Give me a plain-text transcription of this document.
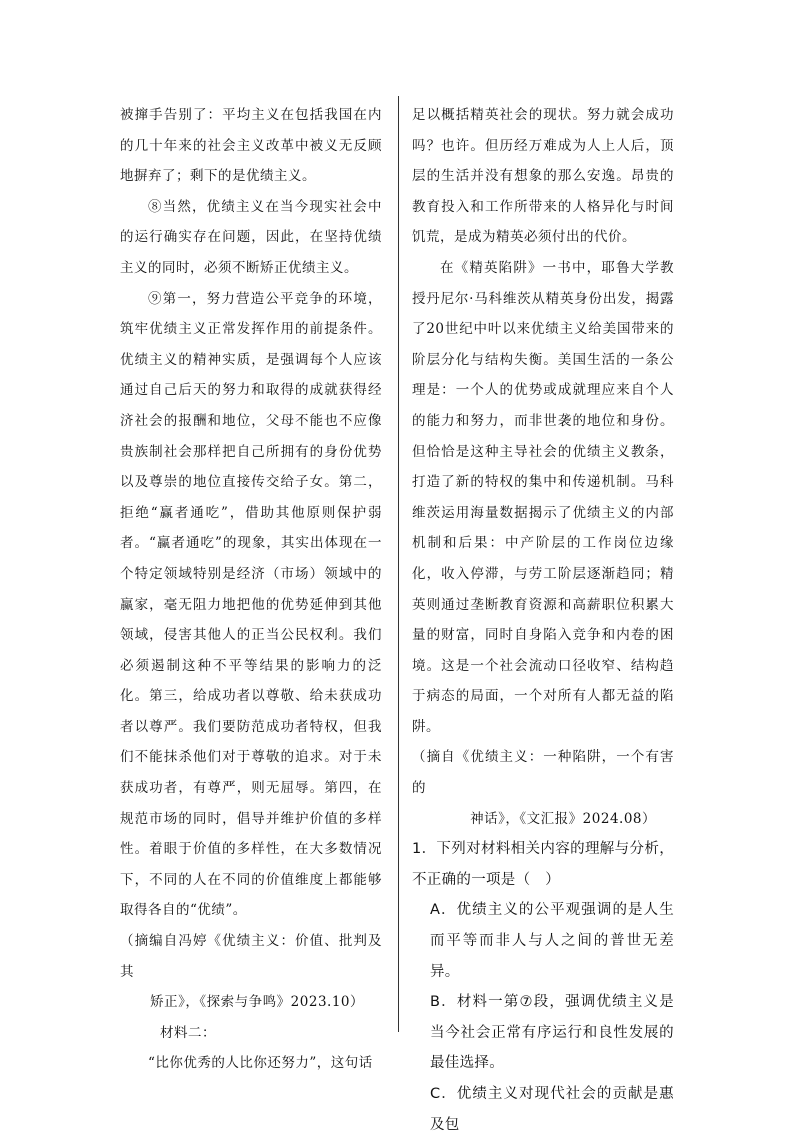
被撺手告别了：平均主义在包括我国在内的几十年来的社会主义改革中被义无反顾地摒弃了；剩下的是优绩主义。

⑧当然，优绩主义在当今现实社会中的运行确实存在问题，因此，在坚持优绩主义的同时，必须不断矫正优绩主义。

⑨第一，努力营造公平竞争的环境，筑牢优绩主义正常发挥作用的前提条件。优绩主义的精神实质，是强调每个人应该通过自己后天的努力和取得的成就获得经济社会的报酬和地位，父母不能也不应像贵族制社会那样把自己所拥有的身份优势以及尊崇的地位直接传交给子女。第二，拒绝“赢者通吃”，借助其他原则保护弱者。“赢者通吃”的现象，其实出体现在一个特定领域特别是经济（市场）领域中的赢家，毫无阻力地把他的优势延伸到其他领域，侵害其他人的正当公民权利。我们必须遏制这种不平等结果的影响力的泛化。第三，给成功者以尊敬、给未获成功者以尊严。我们要防范成功者特权，但我们不能抹杀他们对于尊敬的追求。对于未获成功者，有尊严，则无屈辱。第四，在规范市场的同时，倡导并维护价值的多样性。着眼于价值的多样性，在大多数情况下，不同的人在不同的价值维度上都能够取得各自的“优绩”。

（摘编自冯婷《优绩主义：价值、批判及其
矫正》，《探索与争鸣》2023.10）

材料二：

“比你优秀的人比你还努力”，这句话

足以概括精英社会的现状。努力就会成功吗？也许。但历经万难成为人上人后，顶层的生活并没有想象的那么安逸。昂贵的教育投入和工作所带来的人格异化与时间饥荒，是成为精英必须付出的代价。

在《精英陷阱》一书中，耶鲁大学教授丹尼尔·马科维茨从精英身份出发，揭露了20世纪中叶以来优绩主义给美国带来的阶层分化与结构失衡。美国生活的一条公理是：一个人的优势或成就理应来自个人的能力和努力，而非世袭的地位和身份。但恰恰是这种主导社会的优绩主义教条，打造了新的特权的集中和传递机制。马科维茨运用海量数据揭示了优绩主义的内部机制和后果：中产阶层的工作岗位边缘化，收入停滞，与劳工阶层逐渐趋同；精英则通过垄断教育资源和高薪职位积累大量的财富，同时自身陷入竞争和内卷的困境。这是一个社会流动口径收窄、结构趋于病态的局面，一个对所有人都无益的陷阱。

（摘自《优绩主义：一种陷阱，一个有害的
神话》，《文汇报》2024.08）

1．下列对材料相关内容的理解与分析，不正确的一项是（　）

A．优绩主义的公平观强调的是人生而平等而非人与人之间的普世无差异。

B．材料一第⑦段，强调优绩主义是当今社会正常有序运行和良性发展的最佳选择。

C．优绩主义对现代社会的贡献是惠及包
